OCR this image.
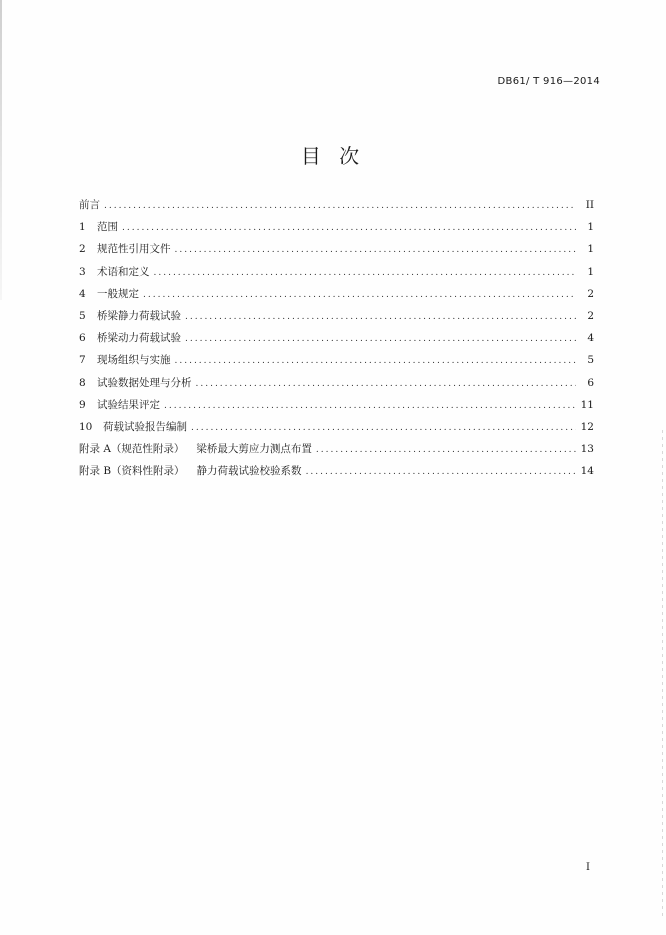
DB61/ T 916—2014
目 次
前言 .....	II
1 范围 .....	1
2 规范性引用文件 .....	1
3 术语和定义 .....	1
4 一般规定 .....	2
5 桥梁静力荷载试验 .....	2
6 桥梁动力荷载试验 .....	4
7 现场组织与实施 .....	5
8 试验数据处理与分析 .....	6
9 试验结果评定 .....	11
10 荷载试验报告编制 .....	12
附录 A（规范性附录） 梁桥最大剪应力测点布置 .....	13
附录 B（资料性附录） 静力荷载试验校验系数 .....	14
I
